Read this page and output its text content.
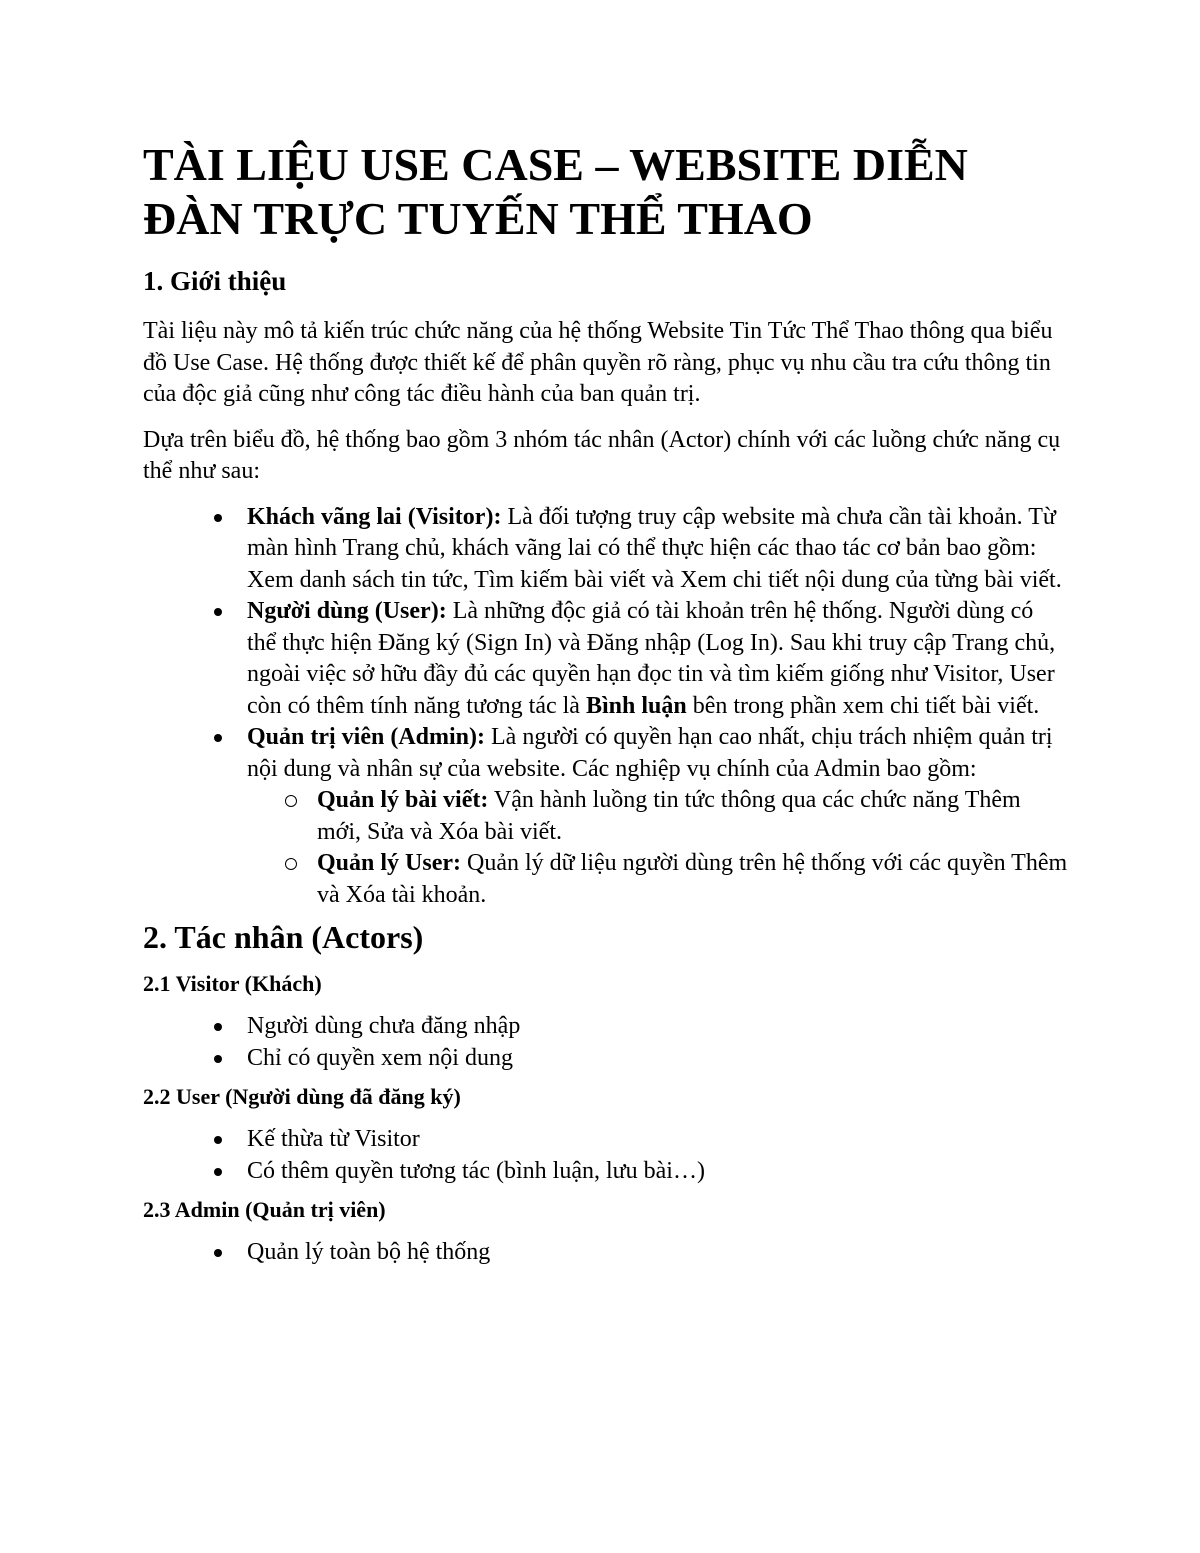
TÀI LIỆU USE CASE – WEBSITE DIỄN ĐÀN TRỰC TUYẾN THỂ THAO
1. Giới thiệu

Tài liệu này mô tả kiến trúc chức năng của hệ thống Website Tin Tức Thể Thao thông qua biểu đồ Use Case. Hệ thống được thiết kế để phân quyền rõ ràng, phục vụ nhu cầu tra cứu thông tin của độc giả cũng như công tác điều hành của ban quản trị.

Dựa trên biểu đồ, hệ thống bao gồm 3 nhóm tác nhân (Actor) chính với các luồng chức năng cụ thể như sau:

Khách vãng lai (Visitor): Là đối tượng truy cập website mà chưa cần tài khoản. Từ màn hình Trang chủ, khách vãng lai có thể thực hiện các thao tác cơ bản bao gồm: Xem danh sách tin tức, Tìm kiếm bài viết và Xem chi tiết nội dung của từng bài viết.
Người dùng (User): Là những độc giả có tài khoản trên hệ thống. Người dùng có thể thực hiện Đăng ký (Sign In) và Đăng nhập (Log In). Sau khi truy cập Trang chủ, ngoài việc sở hữu đầy đủ các quyền hạn đọc tin và tìm kiếm giống như Visitor, User còn có thêm tính năng tương tác là Bình luận bên trong phần xem chi tiết bài viết.
Quản trị viên (Admin): Là người có quyền hạn cao nhất, chịu trách nhiệm quản trị nội dung và nhân sự của website. Các nghiệp vụ chính của Admin bao gồm:
Quản lý bài viết: Vận hành luồng tin tức thông qua các chức năng Thêm mới, Sửa và Xóa bài viết.
Quản lý User: Quản lý dữ liệu người dùng trên hệ thống với các quyền Thêm và Xóa tài khoản.
2. Tác nhân (Actors)
2.1 Visitor (Khách)
Người dùng chưa đăng nhập
Chỉ có quyền xem nội dung
2.2 User (Người dùng đã đăng ký)
Kế thừa từ Visitor
Có thêm quyền tương tác (bình luận, lưu bài…)
2.3 Admin (Quản trị viên)
Quản lý toàn bộ hệ thống
